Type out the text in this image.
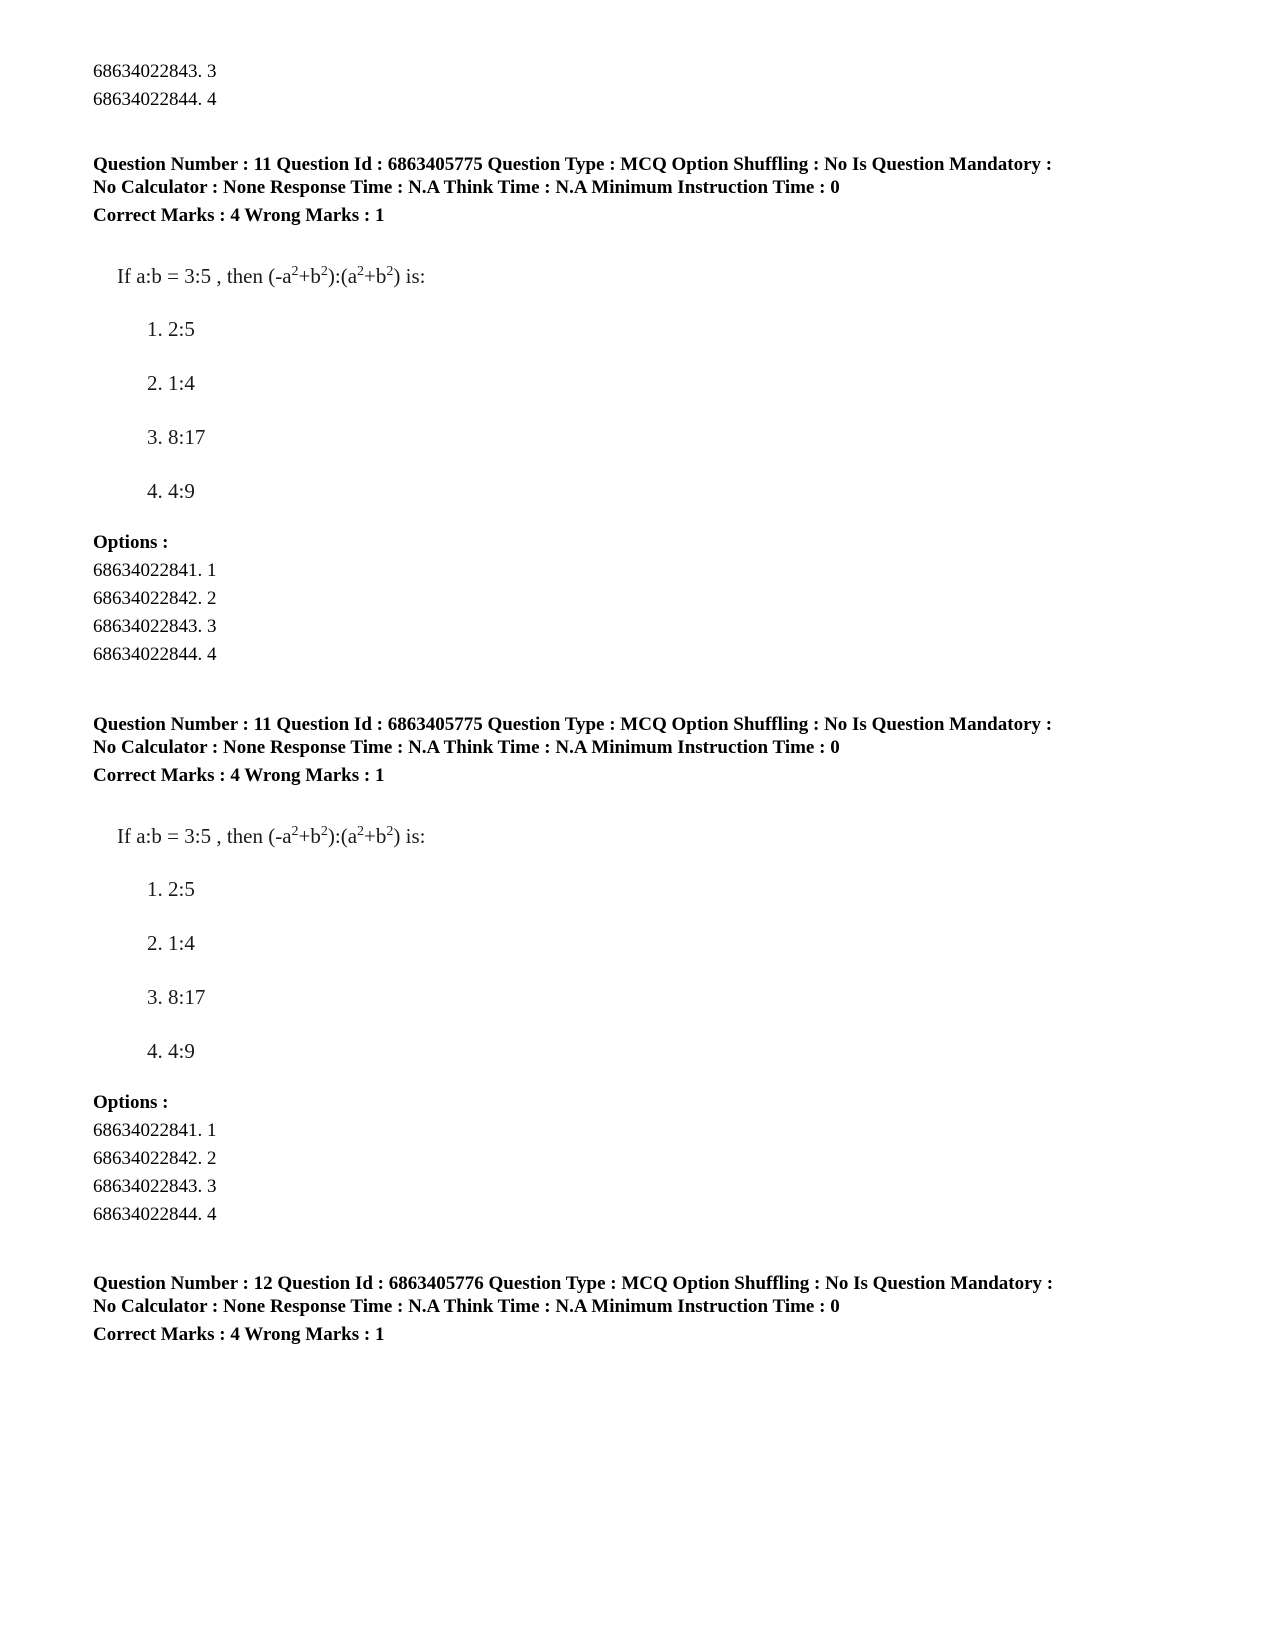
68634022843. 3
68634022844. 4
Question Number : 11 Question Id : 6863405775 Question Type : MCQ Option Shuffling : No Is Question Mandatory :
No Calculator : None Response Time : N.A Think Time : N.A Minimum Instruction Time : 0
Correct Marks : 4 Wrong Marks : 1
If a:b = 3:5 , then $(-a^2+b^2):(a^2+b^2)$ is:
1. 2:5
2. 1:4
3. 8:17
4. 4:9
Options :
68634022841. 1
68634022842. 2
68634022843. 3
68634022844. 4
Question Number : 11 Question Id : 6863405775 Question Type : MCQ Option Shuffling : No Is Question Mandatory :
No Calculator : None Response Time : N.A Think Time : N.A Minimum Instruction Time : 0
Correct Marks : 4 Wrong Marks : 1
If a:b = 3:5 , then $(-a^2+b^2):(a^2+b^2)$ is:
1. 2:5
2. 1:4
3. 8:17
4. 4:9
Options :
68634022841. 1
68634022842. 2
68634022843. 3
68634022844. 4
Question Number : 12 Question Id : 6863405776 Question Type : MCQ Option Shuffling : No Is Question Mandatory :
No Calculator : None Response Time : N.A Think Time : N.A Minimum Instruction Time : 0
Correct Marks : 4 Wrong Marks : 1
